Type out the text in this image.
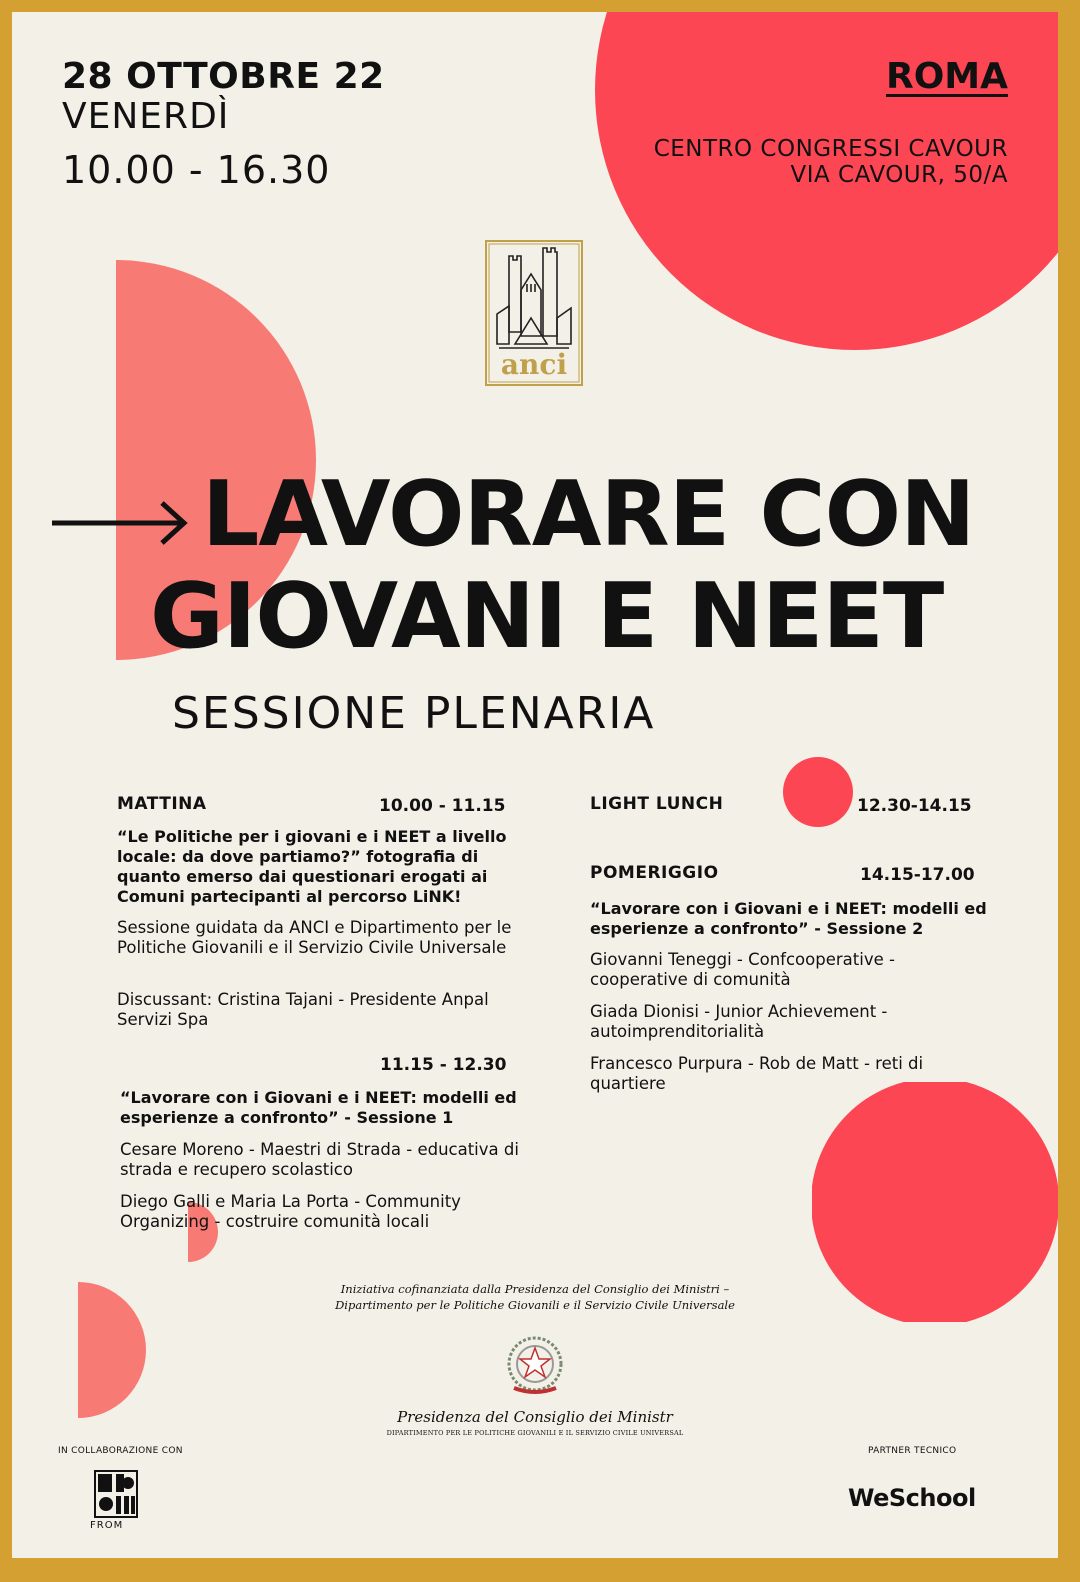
28 OTTOBRE 22
VENERDÌ
10.00 - 16.30
ROMA
CENTRO CONGRESSI CAVOUR
VIA CAVOUR, 50/A
anci
LAVORARE CON
GIOVANI E NEET
SESSIONE PLENARIA
MATTINA	10.00 - 11.15
“Le Politiche per i giovani e i NEET a livello locale: da dove partiamo?” fotografia di quanto emerso dai questionari erogati ai Comuni partecipanti al percorso LiNK!
Sessione guidata da ANCI e Dipartimento per le Politiche Giovanili e il Servizio Civile Universale
Discussant: Cristina Tajani - Presidente Anpal Servizi Spa
11.15 - 12.30
“Lavorare con i Giovani e i NEET: modelli ed esperienze a confronto” - Sessione 1
Cesare Moreno - Maestri di Strada - educativa di strada e recupero scolastico
Diego Galli e Maria La Porta - Community Organizing - costruire comunità locali
LIGHT LUNCH	12.30-14.15
POMERIGGIO	14.15-17.00
“Lavorare con i Giovani e i NEET: modelli ed esperienze a confronto” - Sessione 2
Giovanni Teneggi - Confcooperative - cooperative di comunità
Giada Dionisi - Junior Achievement - autoimprenditorialità
Francesco Purpura - Rob de Matt - reti di quartiere
Iniziativa cofinanziata dalla Presidenza del Consiglio dei Ministri –
Dipartimento per le Politiche Giovanili e il Servizio Civile Universale
Presidenza del Consiglio dei Ministr
DIPARTIMENTO PER LE POLITICHE GIOVANILI E IL SERVIZIO CIVILE UNIVERSAL
IN COLLABORAZIONE CON
FROM
PARTNER TECNICO
WeSchool
